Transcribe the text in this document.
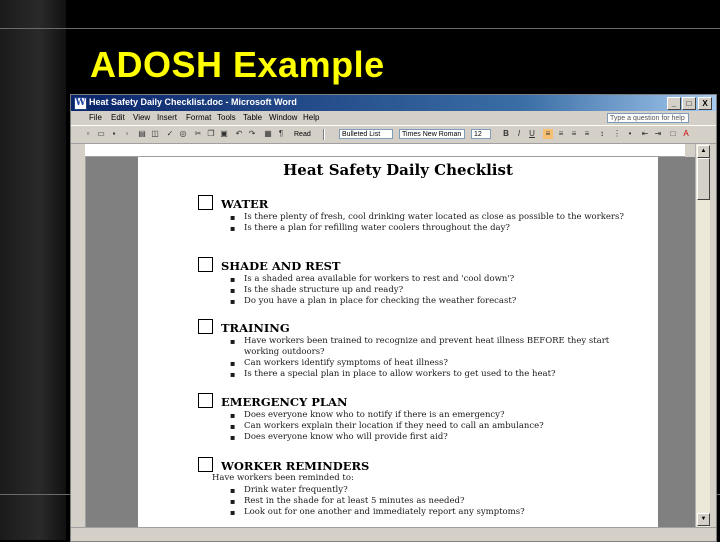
ADOSH Example
W Heat Safety Daily Checklist.doc - Microsoft Word	_	□	X
File Edit View Insert Format Tools Table Window Help	Type a question for help
▫ ▭ ▪	◦	▤ ◫ ✓ ◎ ✂ ❐ ▣ ↶ ↷ ▦ ¶	Read	Bulleted List	Times New Roman	12	B	I	U	≡	≡	≡	≡	↕	⋮ •	⇤ ⇥	□ A
Heat Safety Daily Checklist
WATER
▪ Is there plenty of fresh, cool drinking water located as close as possible to the workers?
▪ Is there a plan for refilling water coolers throughout the day?
SHADE AND REST
▪ Is a shaded area available for workers to rest and 'cool down'?
▪ Is the shade structure up and ready?
▪ Do you have a plan in place for checking the weather forecast?
TRAINING
▪ Have workers been trained to recognize and prevent heat illness BEFORE they start working outdoors?
▪ Can workers identify symptoms of heat illness?
▪ Is there a special plan in place to allow workers to get used to the heat?
EMERGENCY PLAN
▪ Does everyone know who to notify if there is an emergency?
▪ Can workers explain their location if they need to call an ambulance?
▪ Does everyone know who will provide first aid?
WORKER REMINDERS
Have workers been reminded to:
▪ Drink water frequently?
▪ Rest in the shade for at least 5 minutes as needed?
▪ Look out for one another and immediately report any symptoms?
▲
▼
